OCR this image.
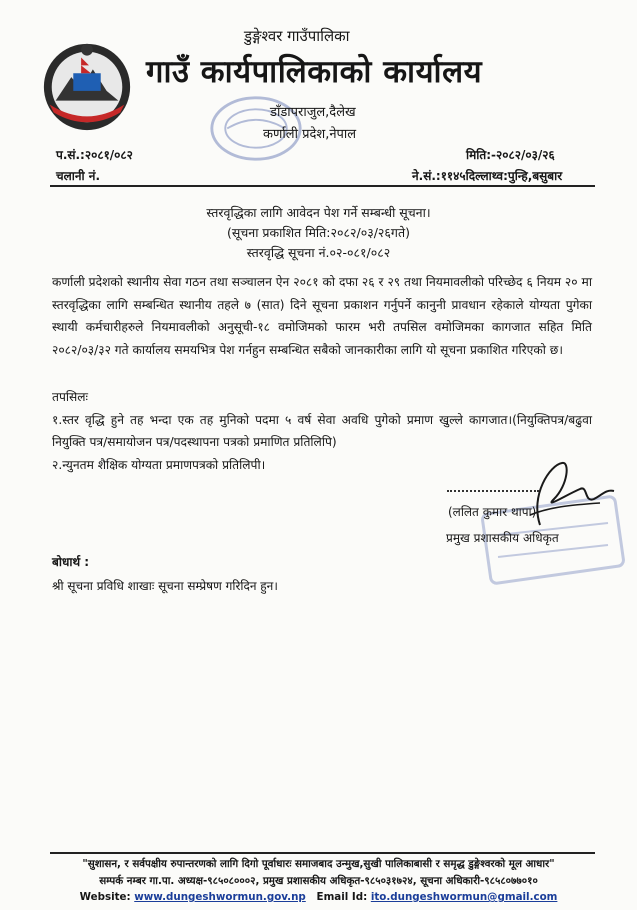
डुङ्गेश्वर गाउँपालिका
गाउँ कार्यपालिकाको कार्यालय
डाँडापराजुल,दैलेख
कर्णाली प्रदेश,नेपाल
प.सं.:२०८१/०८२
चलानी नं.
मिति:-२०८२/०३/२६
ने.सं.:११४५दिल्लाथ्व:पुन्हि,बसुबार
स्तरवृद्धिका लागि आवेदन पेश गर्ने सम्बन्धी सूचना।
(सूचना प्रकाशित मिति:२०८२/०३/२६गते)
स्तरवृद्धि सूचना नं.०२-०८१/०८२

कर्णाली प्रदेशको स्थानीय सेवा गठन तथा सञ्चालन ऐन २०८१ को दफा २६ र २९ तथा नियमावलीको परिच्छेद ६ नियम २० मा स्तरवृद्धिका लागि सम्बन्धित स्थानीय तहले ७ (सात) दिने सूचना प्रकाशन गर्नुपर्ने कानुनी प्रावधान रहेकाले योग्यता पुगेका स्थायी कर्मचारीहरुले नियमावलीको अनुसूची-१८ वमोजिमको फारम भरी तपसिल वमोजिमका कागजात सहित मिति २०८२/०३/३२ गते कार्यालय समयभित्र पेश गर्नहुन सम्बन्धित सबैको जानकारीका लागि यो सूचना प्रकाशित गरिएको छ।

तपसिलः

१.स्तर वृद्धि हुने तह भन्दा एक तह मुनिको पदमा ५ वर्ष सेवा अवधि पुगेको प्रमाण खुल्ले कागजात।(नियुक्तिपत्र/बढुवा नियुक्ति पत्र/समायोजन पत्र/पदस्थापना पत्रको प्रमाणित प्रतिलिपि)

२.न्युनतम शैक्षिक योग्यता प्रमाणपत्रको प्रतिलिपी।

(ललित कुमार थापा)
प्रमुख प्रशासकीय अधिकृत
बोधार्थ :
श्री सूचना प्रविधि शाखाः सूचना सम्प्रेषण गरिदिन हुन।
"सुशासन, र सर्वपक्षीय रुपान्तरणको लागि दिगो पूर्वाधारः समाजबाद उन्मुख,सुखी पालिकाबासी र समृद्ध डुङ्गेश्वरको मूल आधार"
सम्पर्क नम्बर गा.पा. अध्यक्ष-९८५०८०००२, प्रमुख प्रशासकीय अधिकृत-९८५०३१७२४, सूचना अधिकारी-९८५८०७७०१०
Website: www.dungeshwormun.gov.np Email Id: ito.dungeshwormun@gmail.com
